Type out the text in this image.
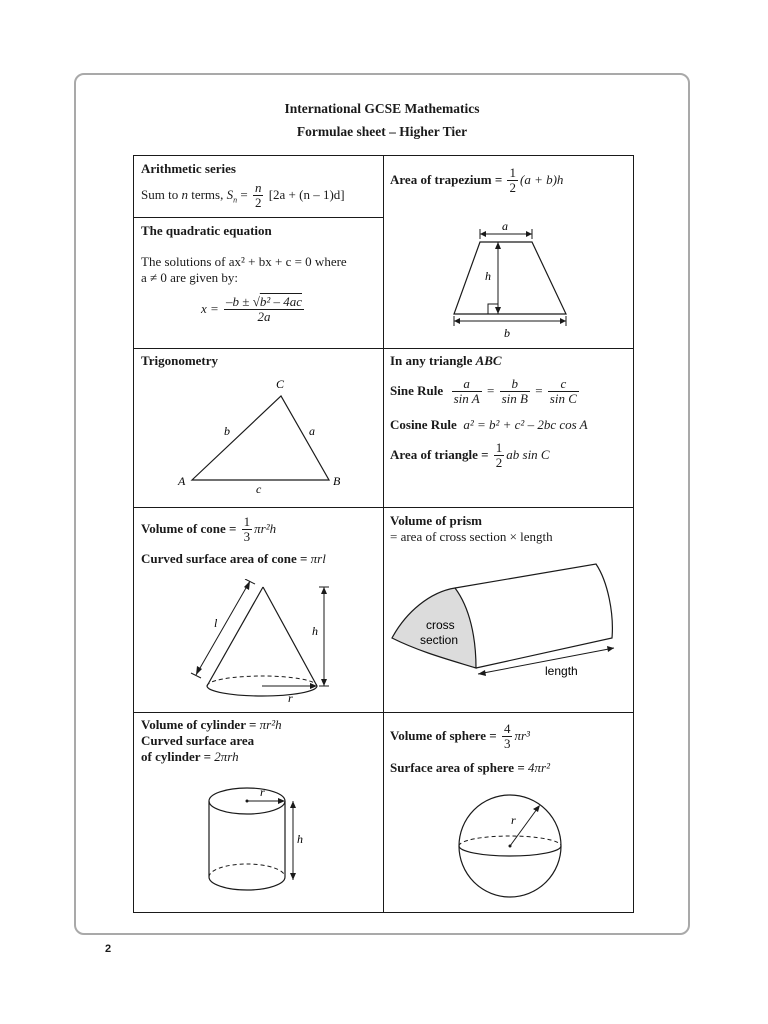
International GCSE Mathematics
Formulae sheet – Higher Tier
Arithmetic series
Sum to n terms, $S_n = \frac{n}{2} [2a + (n - 1)d]$
The quadratic equation
The solutions of ax² + bx + c = 0 where
a ≠ 0 are given by:
$x = \frac{\text{–b ± √b² – 4ac}}{2a}$
Area of trapezium = $\frac{1}{2} (a + b)h$
a
h
b
Trigonometry
C
A	B
b	a
c
In any triangle ABC
Sine Rule $\frac{a}{\text{sin A}} = \frac{b}{\text{sin B}} = \frac{c}{\text{sin C}}$
Cosine Rule a² = b² + c² – 2bc cos A
Area of triangle = $\frac{1}{2}$ ab sin C
Volume of cone = $\frac{1}{3} \pi r^2h$
Curved surface area of cone = πrl
r
l
h
Volume of prism
= area of cross section × length
cross
section
length
Volume of cylinder = πr²h
Curved surface area
of cylinder = 2πrh
r
h
Volume of sphere = $\frac{4}{3} \pi r^3$
Surface area of sphere = 4πr²
r
2
